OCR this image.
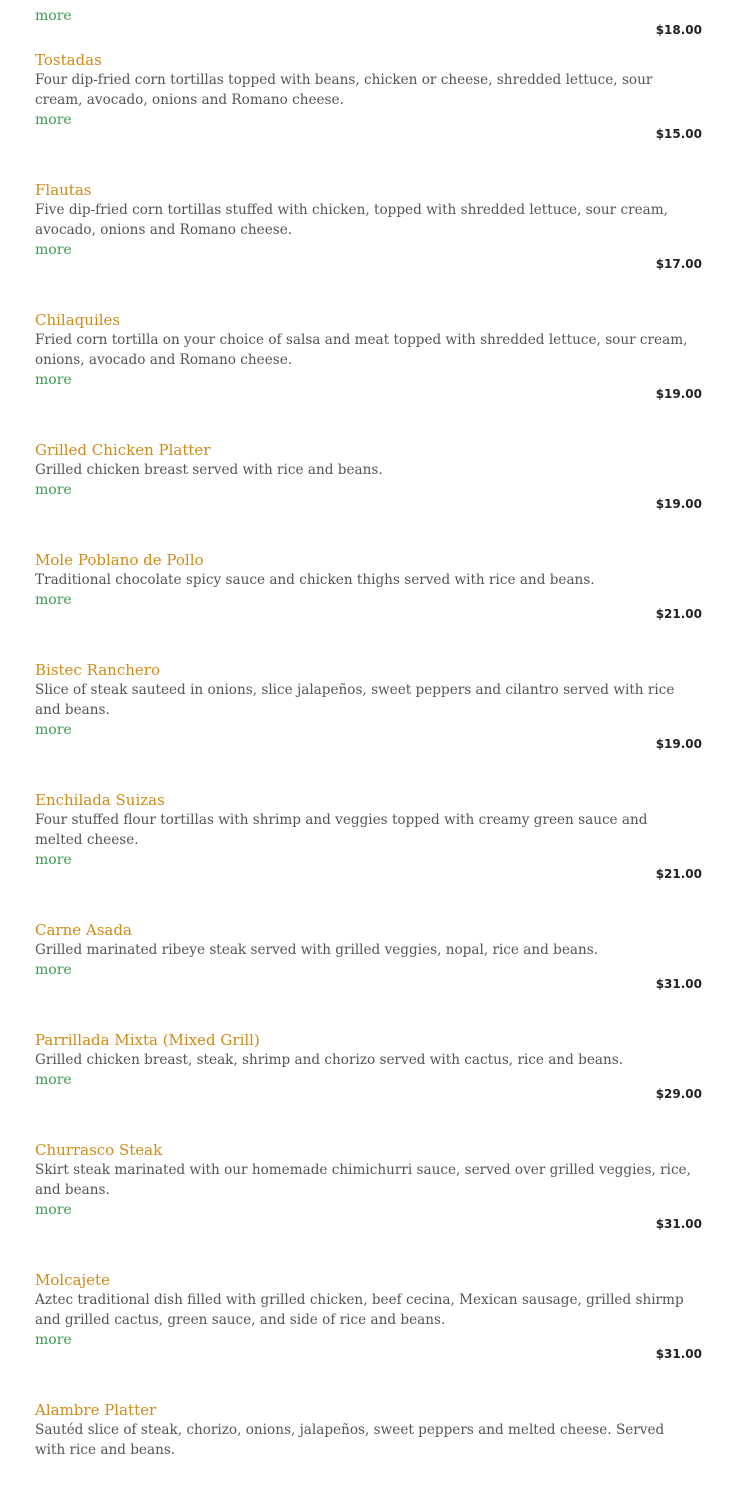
more
$18.00
Tostadas
Four dip-fried corn tortillas topped with beans, chicken or cheese, shredded lettuce, sour cream, avocado, onions and Romano cheese.
more
$15.00
Flautas
Five dip-fried corn tortillas stuffed with chicken, topped with shredded lettuce, sour cream, avocado, onions and Romano cheese.
more
$17.00
Chilaquiles
Fried corn tortilla on your choice of salsa and meat topped with shredded lettuce, sour cream, onions, avocado and Romano cheese.
more
$19.00
Grilled Chicken Platter
Grilled chicken breast served with rice and beans.
more
$19.00
Mole Poblano de Pollo
Traditional chocolate spicy sauce and chicken thighs served with rice and beans.
more
$21.00
Bistec Ranchero
Slice of steak sauteed in onions, slice jalapeños, sweet peppers and cilantro served with rice and beans.
more
$19.00
Enchilada Suizas
Four stuffed flour tortillas with shrimp and veggies topped with creamy green sauce and melted cheese.
more
$21.00
Carne Asada
Grilled marinated ribeye steak served with grilled veggies, nopal, rice and beans.
more
$31.00
Parrillada Mixta (Mixed Grill)
Grilled chicken breast, steak, shrimp and chorizo served with cactus, rice and beans.
more
$29.00
Churrasco Steak
Skirt steak marinated with our homemade chimichurri sauce, served over grilled veggies, rice, and beans.
more
$31.00
Molcajete
Aztec traditional dish filled with grilled chicken, beef cecina, Mexican sausage, grilled shirmp and grilled cactus, green sauce, and side of rice and beans.
more
$31.00
Alambre Platter
Sautéd slice of steak, chorizo, onions, jalapeños, sweet peppers and melted cheese. Served with rice and beans.
